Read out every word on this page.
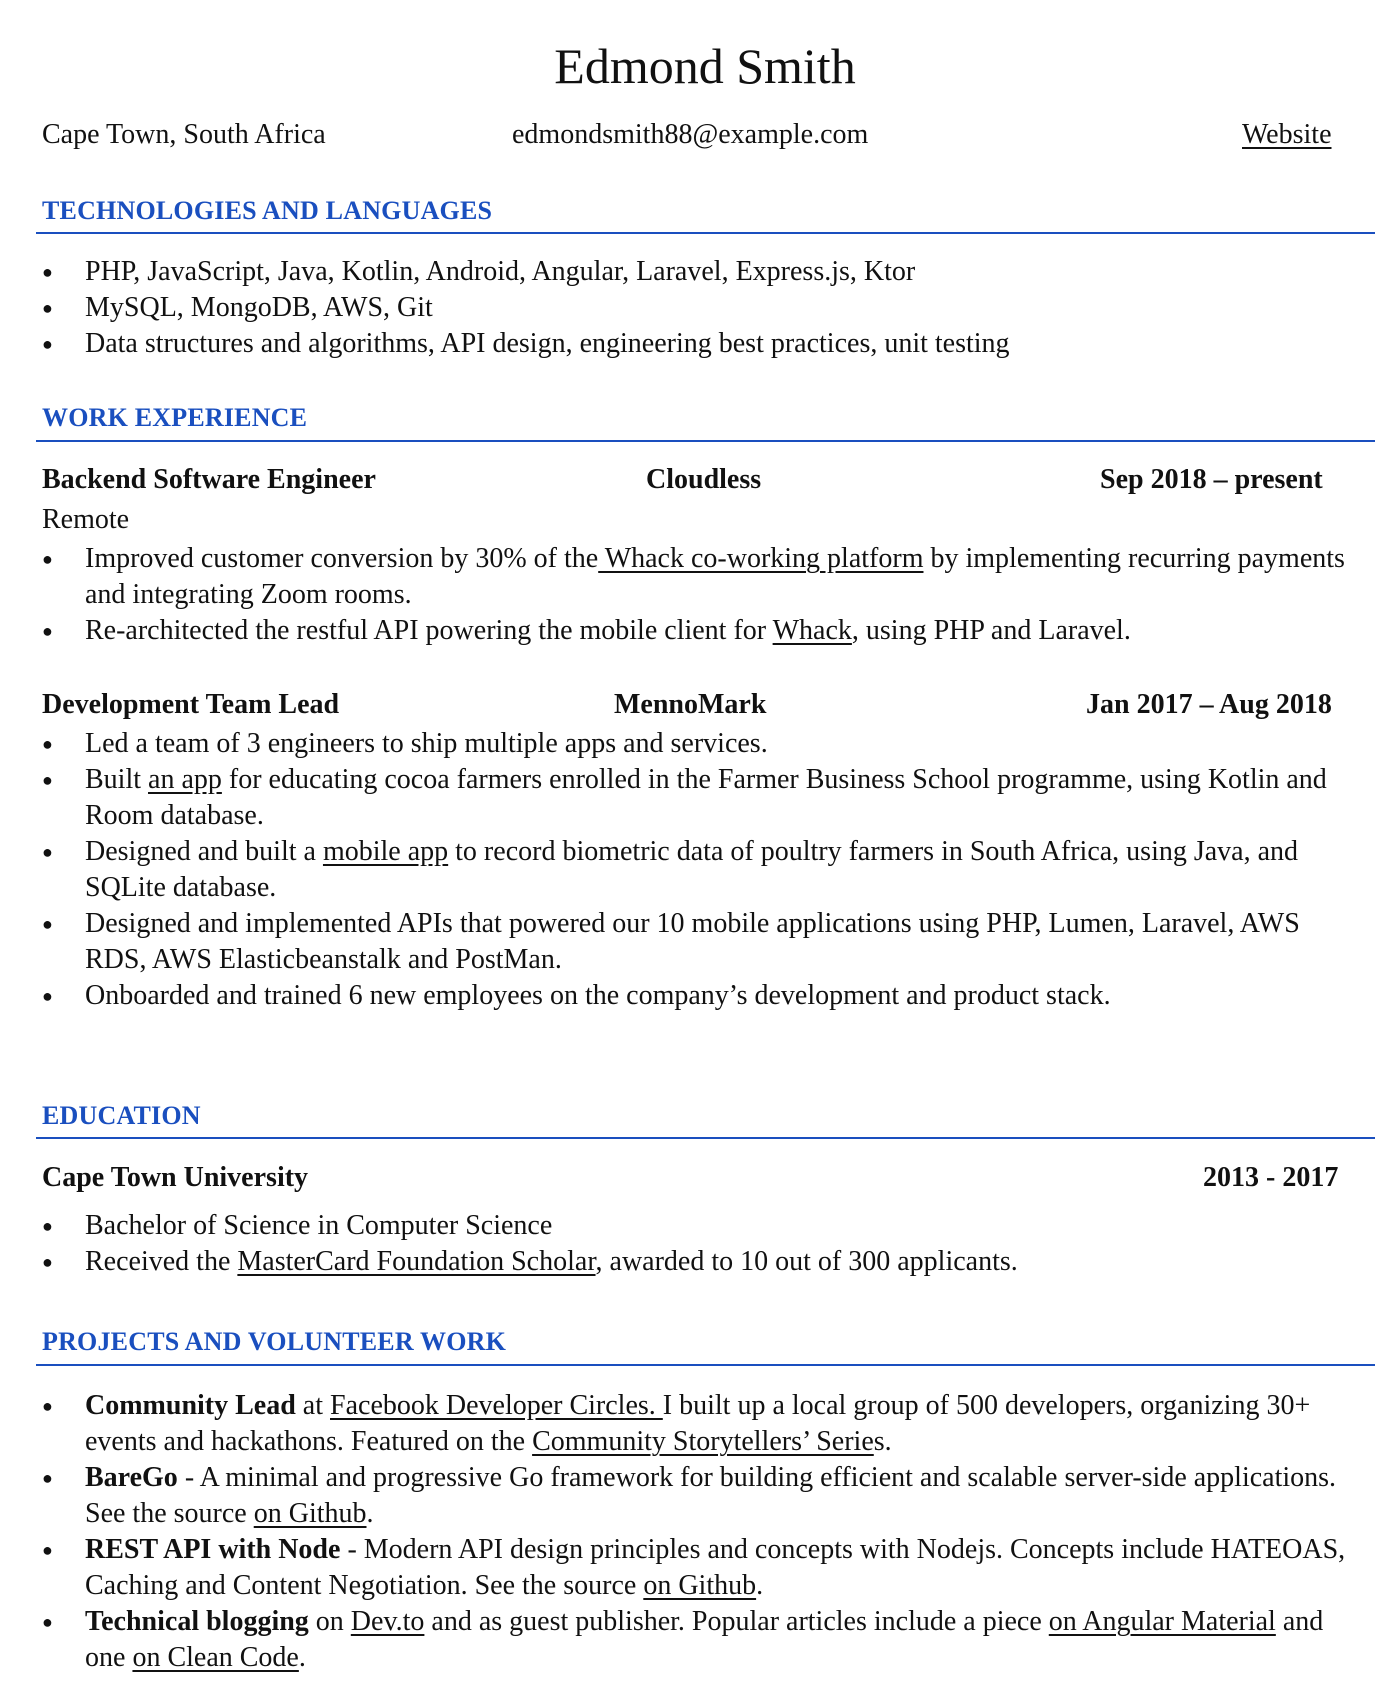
Edmond Smith
Cape Town, South Africa	edmondsmith88@example.com	Website
TECHNOLOGIES AND LANGUAGES
● PHP, JavaScript, Java, Kotlin, Android, Angular, Laravel, Express.js, Ktor
● MySQL, MongoDB, AWS, Git
● Data structures and algorithms, API design, engineering best practices, unit testing
WORK EXPERIENCE
Backend Software Engineer	Cloudless	Sep 2018 – present
Remote
● Improved customer conversion by 30% of the Whack co-working platform by implementing recurring payments and integrating Zoom rooms.
● Re-architected the restful API powering the mobile client for Whack, using PHP and Laravel.
Development Team Lead	MennoMark	Jan 2017 – Aug 2018
● Led a team of 3 engineers to ship multiple apps and services.
● Built an app for educating cocoa farmers enrolled in the Farmer Business School programme, using Kotlin and Room database.
● Designed and built a mobile app to record biometric data of poultry farmers in South Africa, using Java, and SQLite database.
● Designed and implemented APIs that powered our 10 mobile applications using PHP, Lumen, Laravel, AWS RDS, AWS Elasticbeanstalk and PostMan.
● Onboarded and trained 6 new employees on the company’s development and product stack.
EDUCATION
Cape Town University	2013 - 2017
● Bachelor of Science in Computer Science
● Received the MasterCard Foundation Scholar, awarded to 10 out of 300 applicants.
PROJECTS AND VOLUNTEER WORK
● Community Lead at Facebook Developer Circles. I built up a local group of 500 developers, organizing 30+ events and hackathons. Featured on the Community Storytellers’ Series.
● BareGo - A minimal and progressive Go framework for building efficient and scalable server-side applications. See the source on Github.
● REST API with Node - Modern API design principles and concepts with Nodejs. Concepts include HATEOAS, Caching and Content Negotiation. See the source on Github.
● Technical blogging on Dev.to and as guest publisher. Popular articles include a piece on Angular Material and one on Clean Code.
